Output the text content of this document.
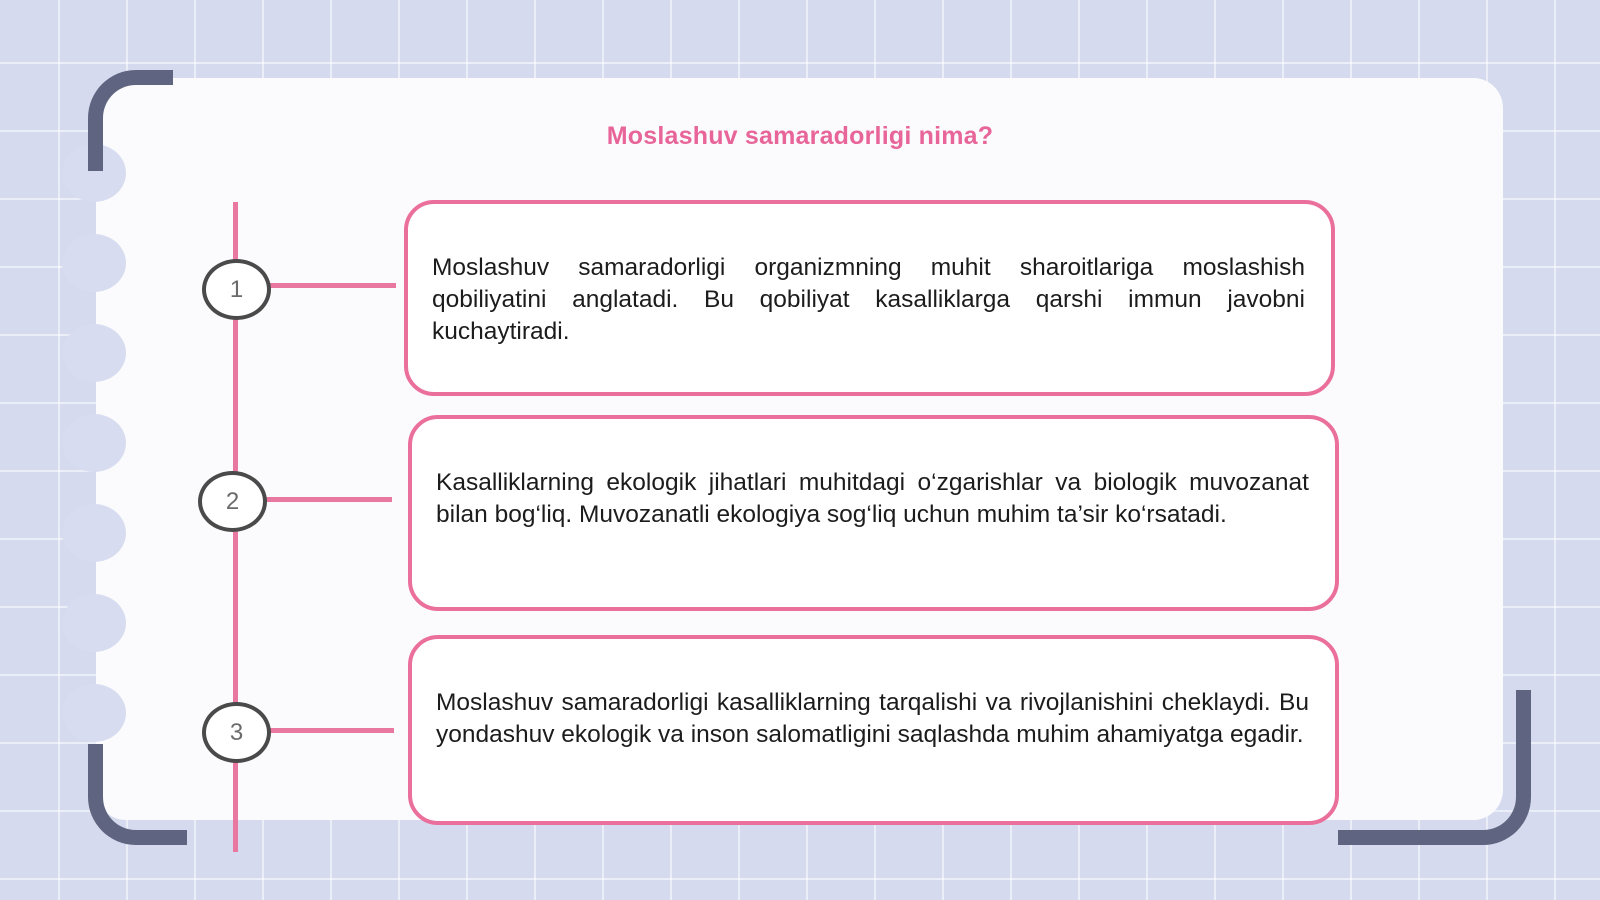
Moslashuv samaradorligi nima?
1
2
3

Moslashuv samaradorligi organizmning muhit sharoitlariga moslashish qobiliyatini anglatadi. Bu qobiliyat kasalliklarga qarshi immun javobni kuchaytiradi.

Kasalliklarning ekologik jihatlari muhitdagi o‘zgarishlar va biologik muvozanat bilan bog‘liq. Muvozanatli ekologiya sog‘liq uchun muhim ta’sir ko‘rsatadi.

Moslashuv samaradorligi kasalliklarning tarqalishi va rivojlanishini cheklaydi. Bu yondashuv ekologik va inson salomatligini saqlashda muhim ahamiyatga egadir.
